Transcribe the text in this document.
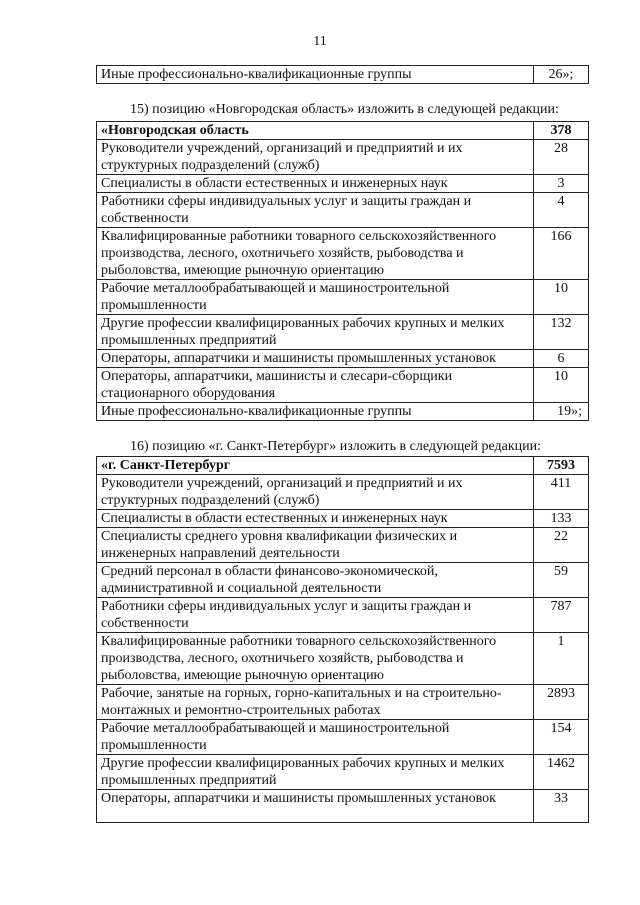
11
Иные профессионально-квалификационные группы	26»;
15) позицию «Новгородская область» изложить в следующей редакции:
«Новгородская область	378
Руководители учреждений, организаций и предприятий и их структурных подразделений (служб)	28
Специалисты в области естественных и инженерных наук	3
Работники сферы индивидуальных услуг и защиты граждан и собственности	4
Квалифицированные работники товарного сельскохозяйственного производства, лесного, охотничьего хозяйств, рыбоводства и рыболовства, имеющие рыночную ориентацию	166
Рабочие металлообрабатывающей и машиностроительной промышленности	10
Другие профессии квалифицированных рабочих крупных и мелких промышленных предприятий	132
Операторы, аппаратчики и машинисты промышленных установок	6
Операторы, аппаратчики, машинисты и слесари-сборщики стационарного оборудования	10
Иные профессионально-квалификационные группы	19»;
16) позицию «г. Санкт-Петербург» изложить в следующей редакции:
«г. Санкт-Петербург	7593
Руководители учреждений, организаций и предприятий и их структурных подразделений (служб)	411
Специалисты в области естественных и инженерных наук	133
Специалисты среднего уровня квалификации физических и инженерных направлений деятельности	22
Средний персонал в области финансово-экономической, административной и социальной деятельности	59
Работники сферы индивидуальных услуг и защиты граждан и собственности	787
Квалифицированные работники товарного сельскохозяйственного производства, лесного, охотничьего хозяйств, рыбоводства и рыболовства, имеющие рыночную ориентацию	1
Рабочие, занятые на горных, горно-капитальных и на строительно-монтажных и ремонтно-строительных работах	2893
Рабочие металлообрабатывающей и машиностроительной промышленности	154
Другие профессии квалифицированных рабочих крупных и мелких промышленных предприятий	1462
Операторы, аппаратчики и машинисты промышленных установок	33
